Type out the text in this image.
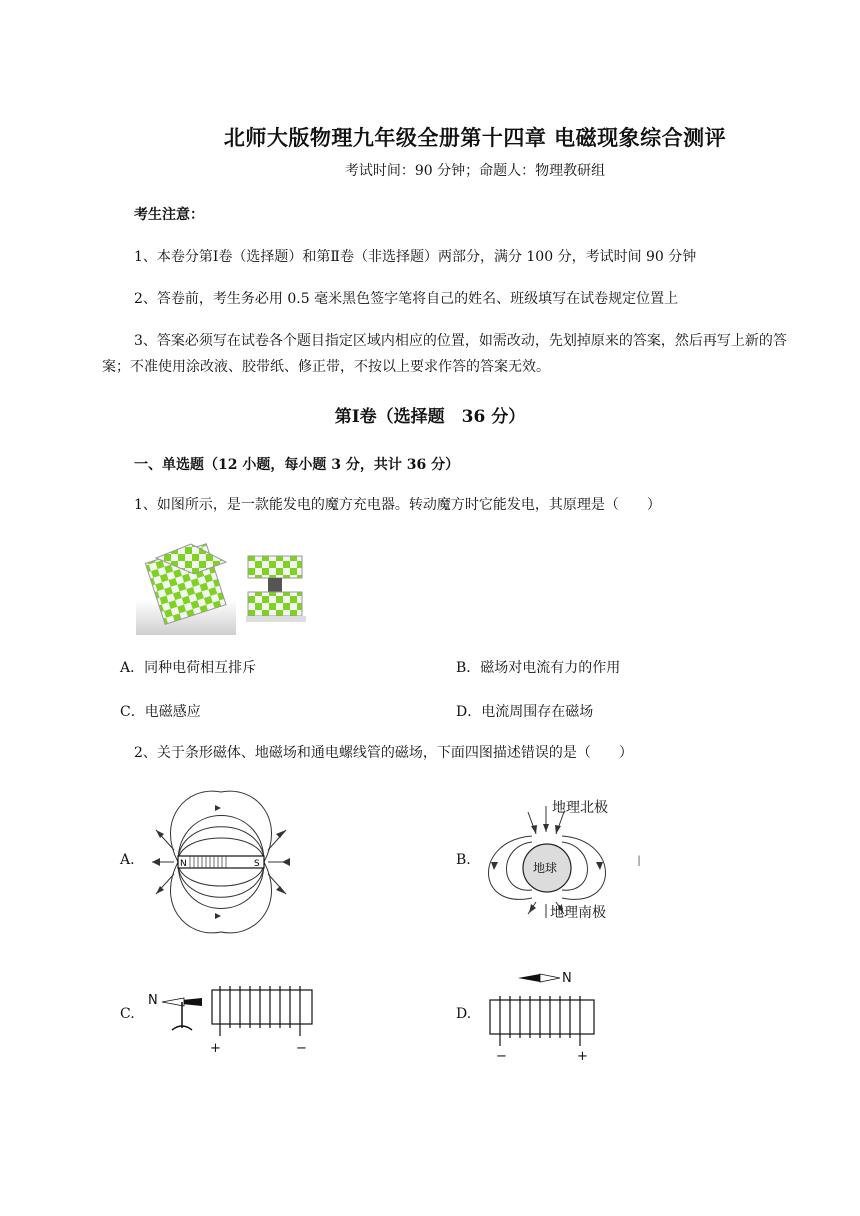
北师大版物理九年级全册第十四章 电磁现象综合测评
考试时间：90 分钟；命题人：物理教研组
考生注意：
1、本卷分第Ⅰ卷（选择题）和第Ⅱ卷（非选择题）两部分，满分 100 分，考试时间 90 分钟
2、答卷前，考生务必用 0.5 毫米黑色签字笔将自己的姓名、班级填写在试卷规定位置上
3、答案必须写在试卷各个题目指定区域内相应的位置，如需改动，先划掉原来的答案，然后再写上新的答案；不准使用涂改液、胶带纸、修正带，不按以上要求作答的答案无效。
第Ⅰ卷（选择题　36 分）
一、单选题（12 小题，每小题 3 分，共计 36 分）
1、如图所示，是一款能发电的魔方充电器。转动魔方时它能发电，其原理是（　　）
A．同种电荷相互排斥	B．磁场对电流有力的作用
C．电磁感应	D．电流周围存在磁场
2、关于条形磁体、地磁场和通电螺线管的磁场，下面四图描述错误的是（　　）
A.	B.
C.	D.
N	S	地球
地理北极
地理南极
I
N
+	−
N
−	+
